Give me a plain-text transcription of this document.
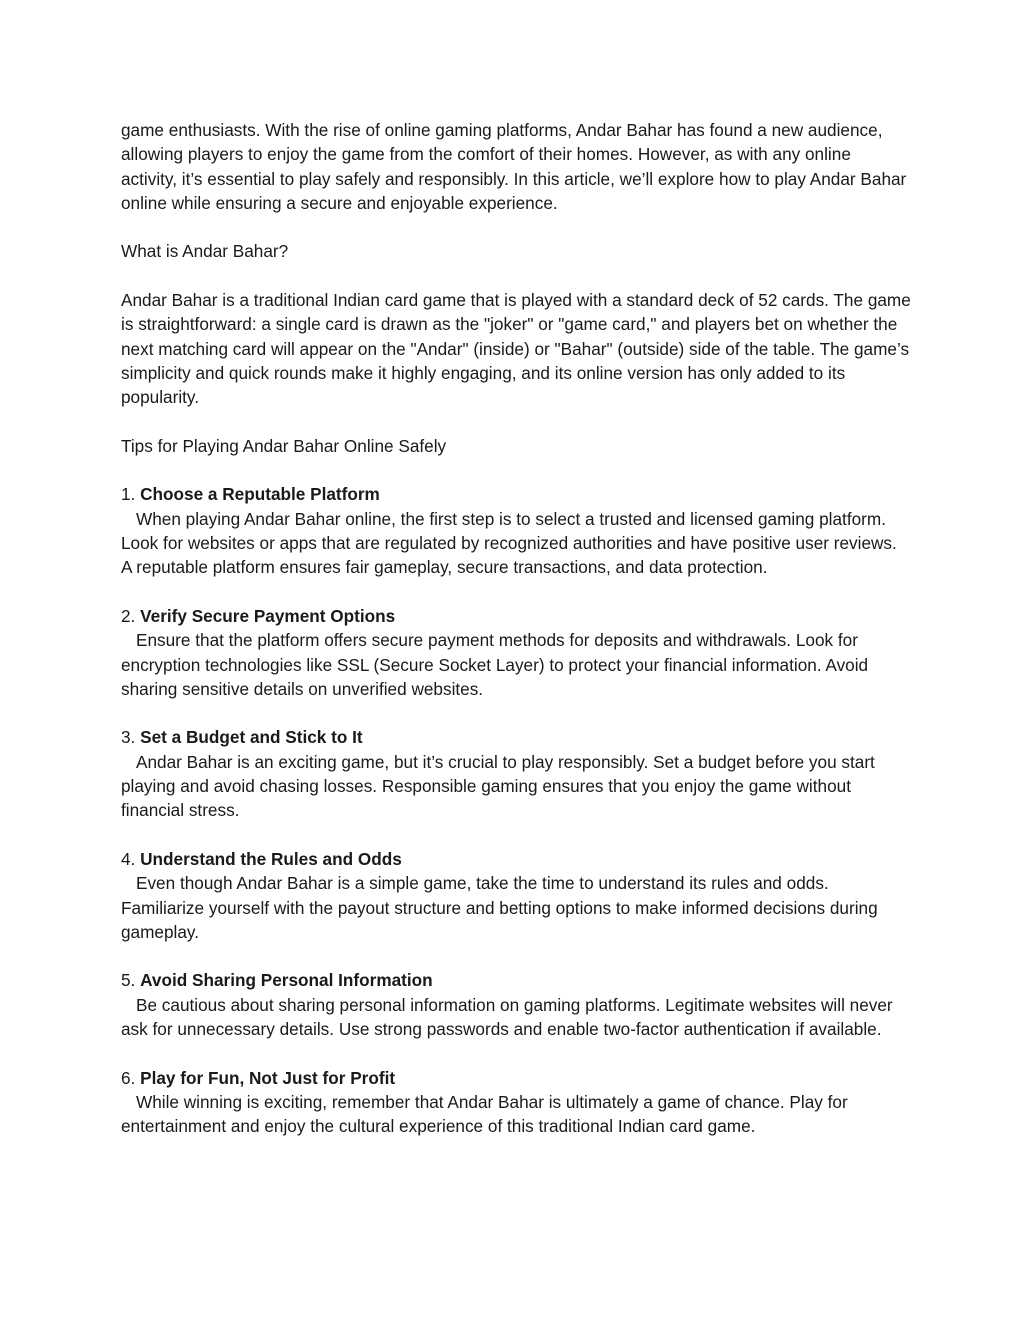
game enthusiasts. With the rise of online gaming platforms, Andar Bahar has found a new audience, allowing players to enjoy the game from the comfort of their homes. However, as with any online activity, it’s essential to play safely and responsibly. In this article, we’ll explore how to play Andar Bahar online while ensuring a secure and enjoyable experience.

What is Andar Bahar?

Andar Bahar is a traditional Indian card game that is played with a standard deck of 52 cards. The game is straightforward: a single card is drawn as the "joker" or "game card," and players bet on whether the next matching card will appear on the "Andar" (inside) or "Bahar" (outside) side of the table. The game’s simplicity and quick rounds make it highly engaging, and its online version has only added to its popularity.

Tips for Playing Andar Bahar Online Safely

1. Choose a Reputable Platform

When playing Andar Bahar online, the first step is to select a trusted and licensed gaming platform. Look for websites or apps that are regulated by recognized authorities and have positive user reviews. A reputable platform ensures fair gameplay, secure transactions, and data protection.

2. Verify Secure Payment Options

Ensure that the platform offers secure payment methods for deposits and withdrawals. Look for encryption technologies like SSL (Secure Socket Layer) to protect your financial information. Avoid sharing sensitive details on unverified websites.

3. Set a Budget and Stick to It

Andar Bahar is an exciting game, but it’s crucial to play responsibly. Set a budget before you start playing and avoid chasing losses. Responsible gaming ensures that you enjoy the game without financial stress.

4. Understand the Rules and Odds

Even though Andar Bahar is a simple game, take the time to understand its rules and odds. Familiarize yourself with the payout structure and betting options to make informed decisions during gameplay.

5. Avoid Sharing Personal Information

Be cautious about sharing personal information on gaming platforms. Legitimate websites will never ask for unnecessary details. Use strong passwords and enable two-factor authentication if available.

6. Play for Fun, Not Just for Profit

While winning is exciting, remember that Andar Bahar is ultimately a game of chance. Play for entertainment and enjoy the cultural experience of this traditional Indian card game.
